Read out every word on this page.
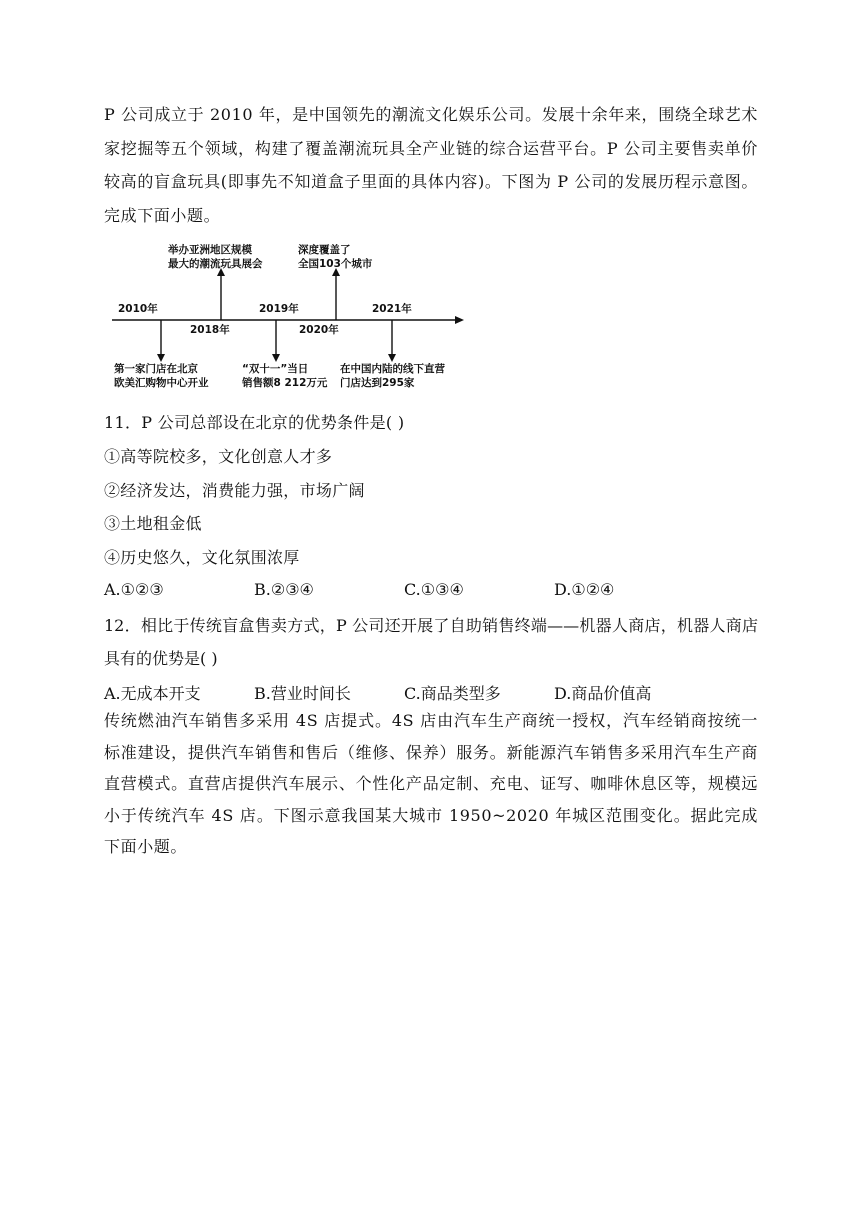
P 公司成立于 2010 年，是中国领先的潮流文化娱乐公司。发展十余年来，围绕全球艺术家挖掘等五个领域，构建了覆盖潮流玩具全产业链的综合运营平台。P 公司主要售卖单价较高的盲盒玩具(即事先不知道盒子里面的具体内容)。下图为 P 公司的发展历程示意图。完成下面小题。

2010年
2018年
2019年
2020年
2021年
举办亚洲地区规模
最大的潮流玩具展会
深度覆盖了
全国103个城市
第一家门店在北京
欧美汇购物中心开业
“双十一”当日
销售额8 212万元
在中国内陆的线下直营
门店达到295家

11．P 公司总部设在北京的优势条件是( )

①高等院校多，文化创意人才多

②经济发达，消费能力强，市场广阔

③土地租金低

④历史悠久，文化氛围浓厚

A.①②③	B.②③④	C.①③④	D.①②④

12．相比于传统盲盒售卖方式，P 公司还开展了自助销售终端——机器人商店，机器人商店具有的优势是( )

A.无成本开支	B.营业时间长	C.商品类型多	D.商品价值高

传统燃油汽车销售多采用 4S 店提式。4S 店由汽车生产商统一授权，汽车经销商按统一标准建设，提供汽车销售和售后（维修、保养）服务。新能源汽车销售多采用汽车生产商直营模式。直营店提供汽车展示、个性化产品定制、充电、证写、咖啡休息区等，规模远小于传统汽车 4S 店。下图示意我国某大城市 1950~2020 年城区范围变化。据此完成下面小题。
